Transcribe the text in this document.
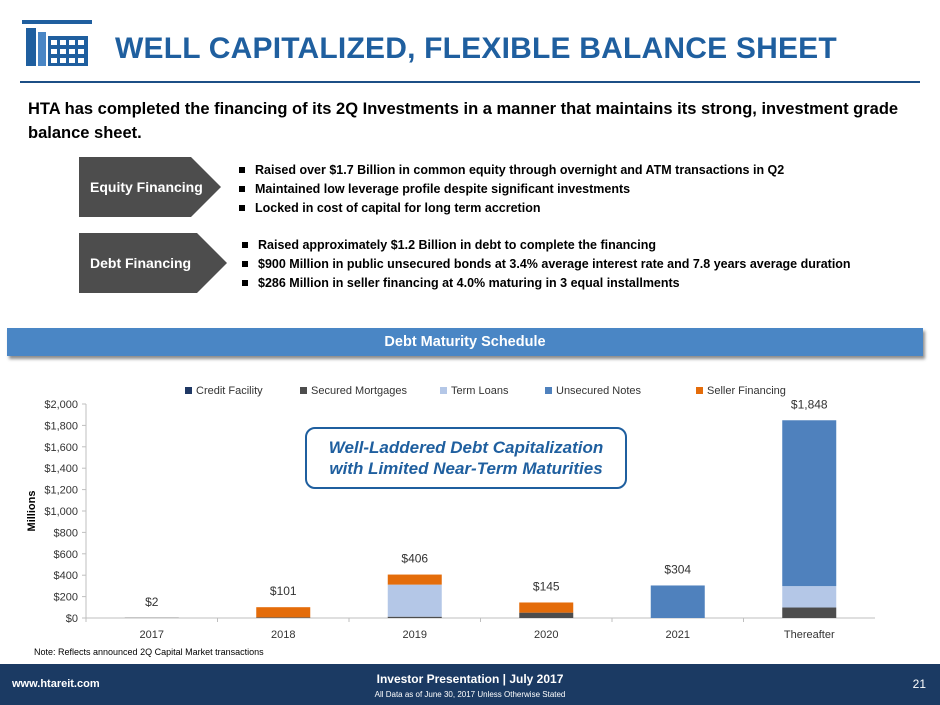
WELL CAPITALIZED, FLEXIBLE BALANCE SHEET
HTA has completed the financing of its 2Q Investments in a manner that maintains its strong, investment grade balance sheet.
Equity Financing
Raised over $1.7 Billion in common equity through overnight and ATM transactions in Q2
Maintained low leverage profile despite significant investments
Locked in cost of capital for long term accretion
Debt Financing
Raised approximately $1.2 Billion in debt to complete the financing
$900 Million in public unsecured bonds at 3.4% average interest rate and 7.8 years average duration
$286 Million in seller financing at 4.0% maturing in 3 equal installments
Debt Maturity Schedule
$0
$200
$400
$600
$800
$1,000
$1,200
$1,400
$1,600
$1,800
$2,000
Millions
2017
$2
2018
$101
2019
$406
2020
$145
2021
$304
Thereafter
$1,848
Credit Facility	Secured Mortgages	Term Loans	Unsecured Notes	Seller Financing
Well-Laddered Debt Capitalization
with Limited Near-Term Maturities
Note: Reflects announced 2Q Capital Market transactions
www.htareit.com	Investor Presentation | July 2017
All Data as of June 30, 2017 Unless Otherwise Stated
21
